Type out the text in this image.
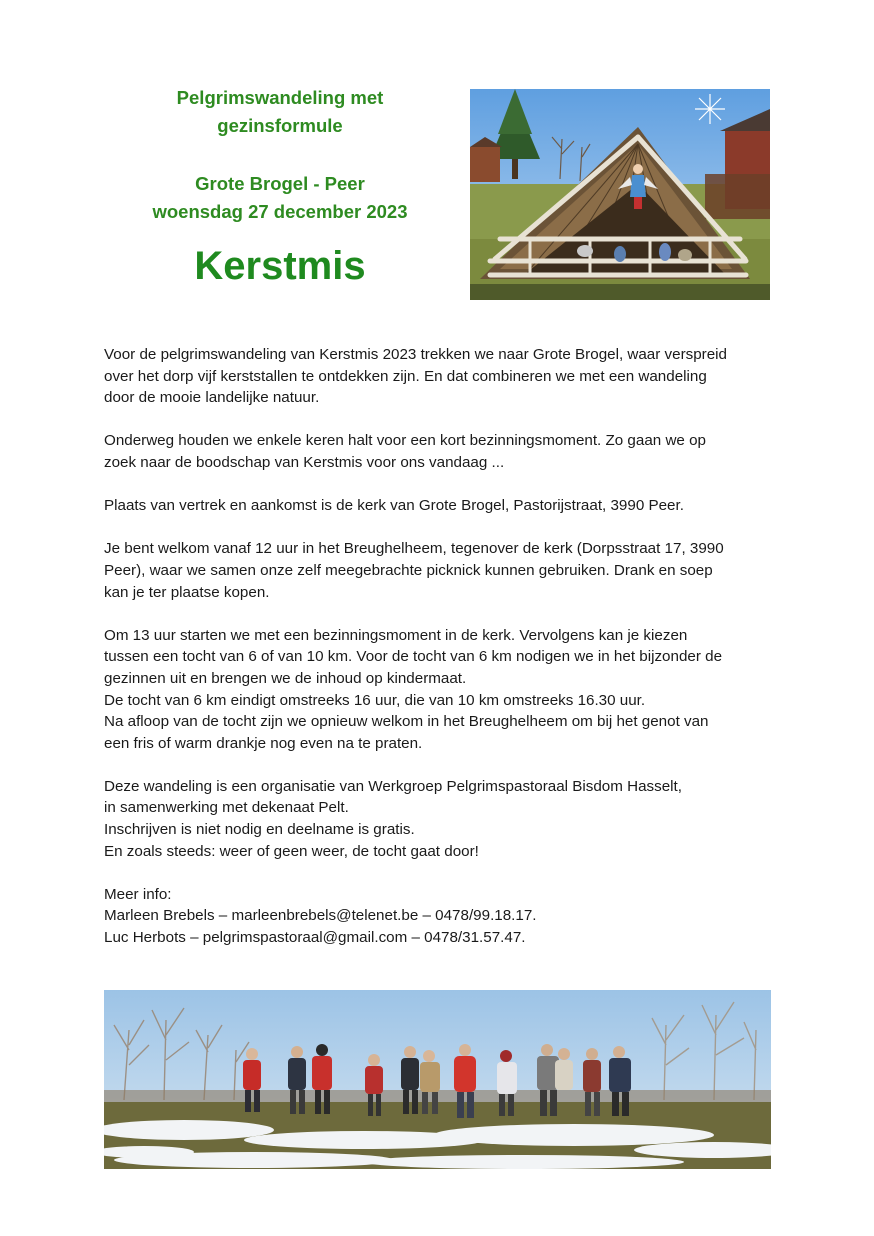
Pelgrimswandeling met
gezinsformule
Grote Brogel - Peer
woensdag 27 december 2023
Kerstmis

Voor de pelgrimswandeling van Kerstmis 2023 trekken we naar Grote Brogel, waar verspreid
over het dorp vijf kerststallen te ontdekken zijn. En dat combineren we met een wandeling
door de mooie landelijke natuur.

Onderweg houden we enkele keren halt voor een kort bezinningsmoment. Zo gaan we op
zoek naar de boodschap van Kerstmis voor ons vandaag ...

Plaats van vertrek en aankomst is de kerk van Grote Brogel, Pastorijstraat, 3990 Peer.

Je bent welkom vanaf 12 uur in het Breughelheem, tegenover de kerk (Dorpsstraat 17, 3990
Peer), waar we samen onze zelf meegebrachte picknick kunnen gebruiken. Drank en soep
kan je ter plaatse kopen.

Om 13 uur starten we met een bezinningsmoment in de kerk. Vervolgens kan je kiezen
tussen een tocht van 6 of van 10 km. Voor de tocht van 6 km nodigen we in het bijzonder de
gezinnen uit en brengen we de inhoud op kindermaat.
De tocht van 6 km eindigt omstreeks 16 uur, die van 10 km omstreeks 16.30 uur.
Na afloop van de tocht zijn we opnieuw welkom in het Breughelheem om bij het genot van
een fris of warm drankje nog even na te praten.

Deze wandeling is een organisatie van Werkgroep Pelgrimspastoraal Bisdom Hasselt,
in samenwerking met dekenaat Pelt.
Inschrijven is niet nodig en deelname is gratis.
En zoals steeds: weer of geen weer, de tocht gaat door!

Meer info:
Marleen Brebels – marleenbrebels@telenet.be – 0478/99.18.17.
Luc Herbots – pelgrimspastoraal@gmail.com – 0478/31.57.47.
